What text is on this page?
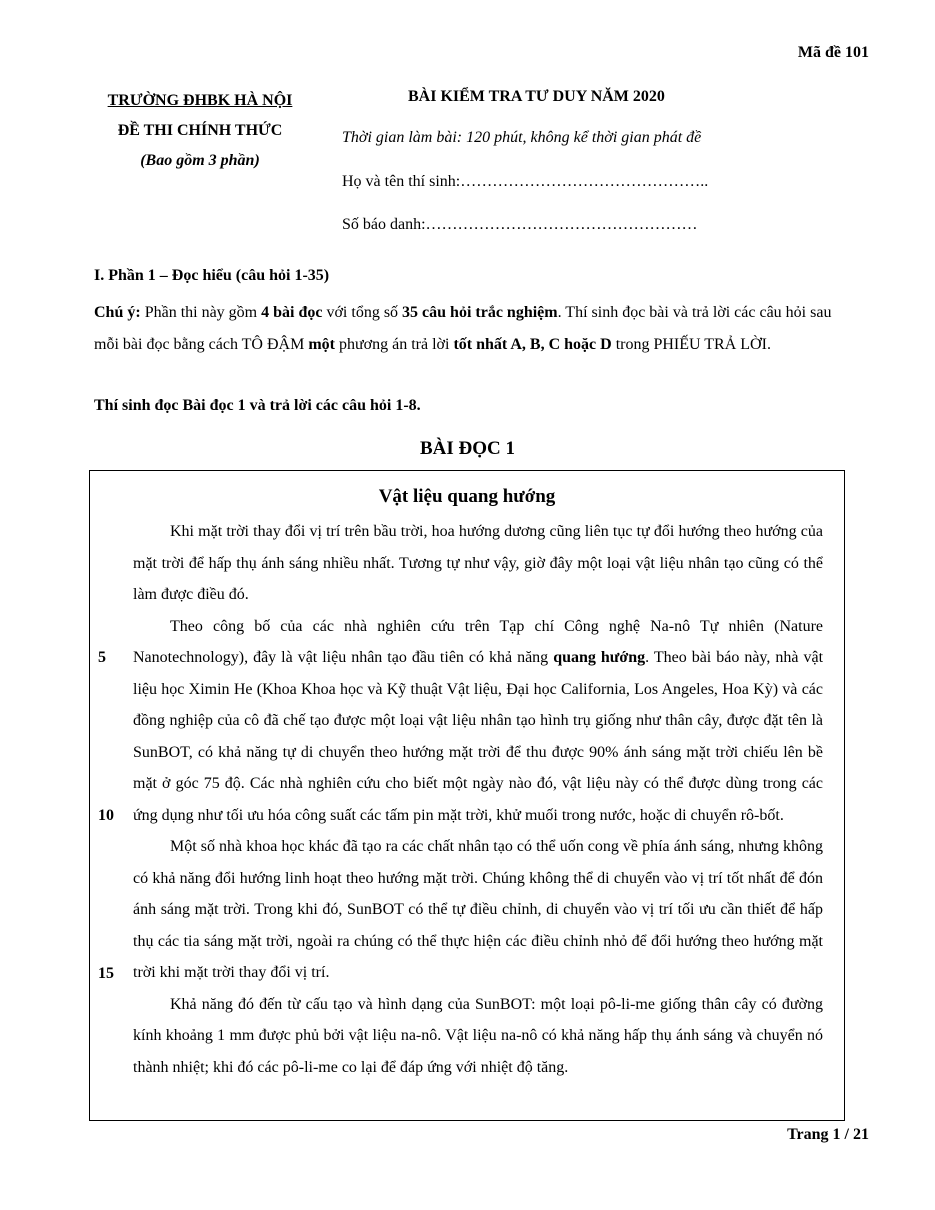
Mã đề 101
TRƯỜNG ĐHBK HÀ NỘI
ĐỀ THI CHÍNH THỨC
(Bao gồm 3 phần)
BÀI KIỂM TRA TƯ DUY NĂM 2020
Thời gian làm bài: 120 phút, không kể thời gian phát đề
Họ và tên thí sinh:………………………………………..
Số báo danh:……………………………………………
I. Phần 1 – Đọc hiểu (câu hỏi 1-35)
Chú ý: Phần thi này gồm 4 bài đọc với tổng số 35 câu hỏi trắc nghiệm. Thí sinh đọc bài và trả lời các câu hỏi sau mỗi bài đọc bằng cách TÔ ĐẬM một phương án trả lời tốt nhất A, B, C hoặc D trong PHIẾU TRẢ LỜI.
Thí sinh đọc Bài đọc 1 và trả lời các câu hỏi 1-8.
BÀI ĐỌC 1
Vật liệu quang hướng

Khi mặt trời thay đổi vị trí trên bầu trời, hoa hướng dương cũng liên tục tự đổi hướng theo hướng của mặt trời để hấp thụ ánh sáng nhiều nhất. Tương tự như vậy, giờ đây một loại vật liệu nhân tạo cũng có thể làm được điều đó.

Theo công bố của các nhà nghiên cứu trên Tạp chí Công nghệ Na-nô Tự nhiên (Nature Nanotechnology), đây là vật liệu nhân tạo đầu tiên có khả năng quang hướng. Theo bài báo này, nhà vật liệu học Ximin He (Khoa Khoa học và Kỹ thuật Vật liệu, Đại học California, Los Angeles, Hoa Kỳ) và các đồng nghiệp của cô đã chế tạo được một loại vật liệu nhân tạo hình trụ giống như thân cây, được đặt tên là SunBOT, có khả năng tự di chuyển theo hướng mặt trời để thu được 90% ánh sáng mặt trời chiếu lên bề mặt ở góc 75 độ. Các nhà nghiên cứu cho biết một ngày nào đó, vật liệu này có thể được dùng trong các ứng dụng như tối ưu hóa công suất các tấm pin mặt trời, khử muối trong nước, hoặc di chuyển rô-bốt.

Một số nhà khoa học khác đã tạo ra các chất nhân tạo có thể uốn cong về phía ánh sáng, nhưng không có khả năng đổi hướng linh hoạt theo hướng mặt trời. Chúng không thể di chuyển vào vị trí tốt nhất để đón ánh sáng mặt trời. Trong khi đó, SunBOT có thể tự điều chỉnh, di chuyển vào vị trí tối ưu cần thiết để hấp thụ các tia sáng mặt trời, ngoài ra chúng có thể thực hiện các điều chỉnh nhỏ để đổi hướng theo hướng mặt trời khi mặt trời thay đổi vị trí.

Khả năng đó đến từ cấu tạo và hình dạng của SunBOT: một loại pô-li-me giống thân cây có đường kính khoảng 1 mm được phủ bởi vật liệu na-nô. Vật liệu na-nô có khả năng hấp thụ ánh sáng và chuyển nó thành nhiệt; khi đó các pô-li-me co lại để đáp ứng với nhiệt độ tăng.

5
10
15
Trang 1 / 21
